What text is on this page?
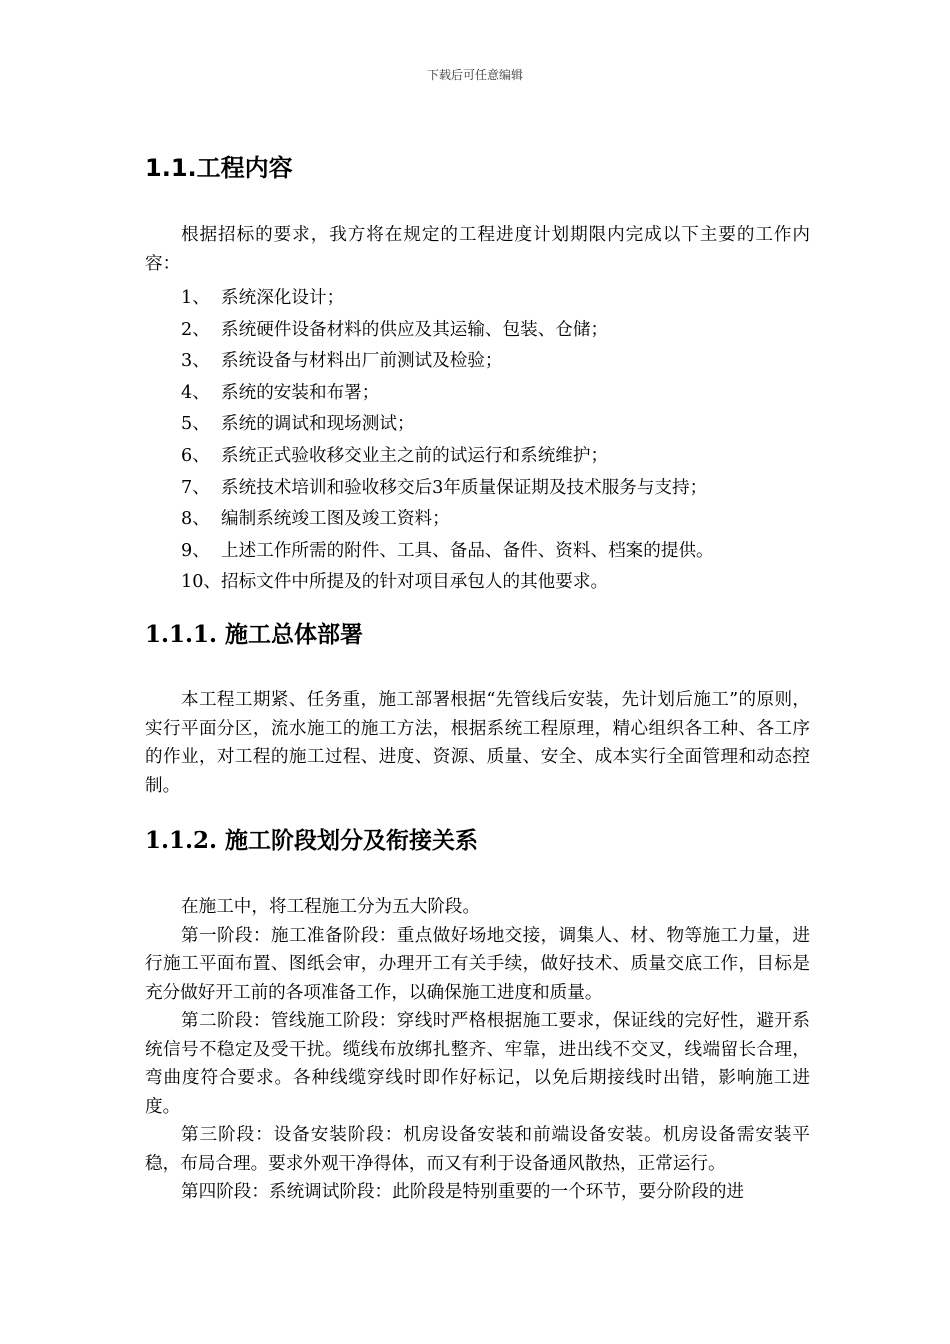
下载后可任意编辑
1.1.工程内容
根据招标的要求，我方将在规定的工程进度计划期限内完成以下主要的工作内容：
1、 系统深化设计；
2、 系统硬件设备材料的供应及其运输、包装、仓储；
3、 系统设备与材料出厂前测试及检验；
4、 系统的安装和布署；
5、 系统的调试和现场测试；
6、 系统正式验收移交业主之前的试运行和系统维护；
7、 系统技术培训和验收移交后3年质量保证期及技术服务与支持；
8、 编制系统竣工图及竣工资料；
9、 上述工作所需的附件、工具、备品、备件、资料、档案的提供。
10、招标文件中所提及的针对项目承包人的其他要求。
1.1.1. 施工总体部署
本工程工期紧、任务重，施工部署根据“先管线后安装，先计划后施工”的原则，实行平面分区，流水施工的施工方法，根据系统工程原理，精心组织各工种、各工序的作业，对工程的施工过程、进度、资源、质量、安全、成本实行全面管理和动态控制。
1.1.2. 施工阶段划分及衔接关系
在施工中，将工程施工分为五大阶段。
第一阶段：施工准备阶段：重点做好场地交接，调集人、材、物等施工力量，进行施工平面布置、图纸会审，办理开工有关手续，做好技术、质量交底工作，目标是充分做好开工前的各项准备工作，以确保施工进度和质量。
第二阶段：管线施工阶段：穿线时严格根据施工要求，保证线的完好性，避开系统信号不稳定及受干扰。缆线布放绑扎整齐、牢靠，进出线不交叉，线端留长合理，弯曲度符合要求。各种线缆穿线时即作好标记，以免后期接线时出错，影响施工进度。
第三阶段：设备安装阶段：机房设备安装和前端设备安装。机房设备需安装平稳，布局合理。要求外观干净得体，而又有利于设备通风散热，正常运行。
第四阶段：系统调试阶段：此阶段是特别重要的一个环节，要分阶段的进
